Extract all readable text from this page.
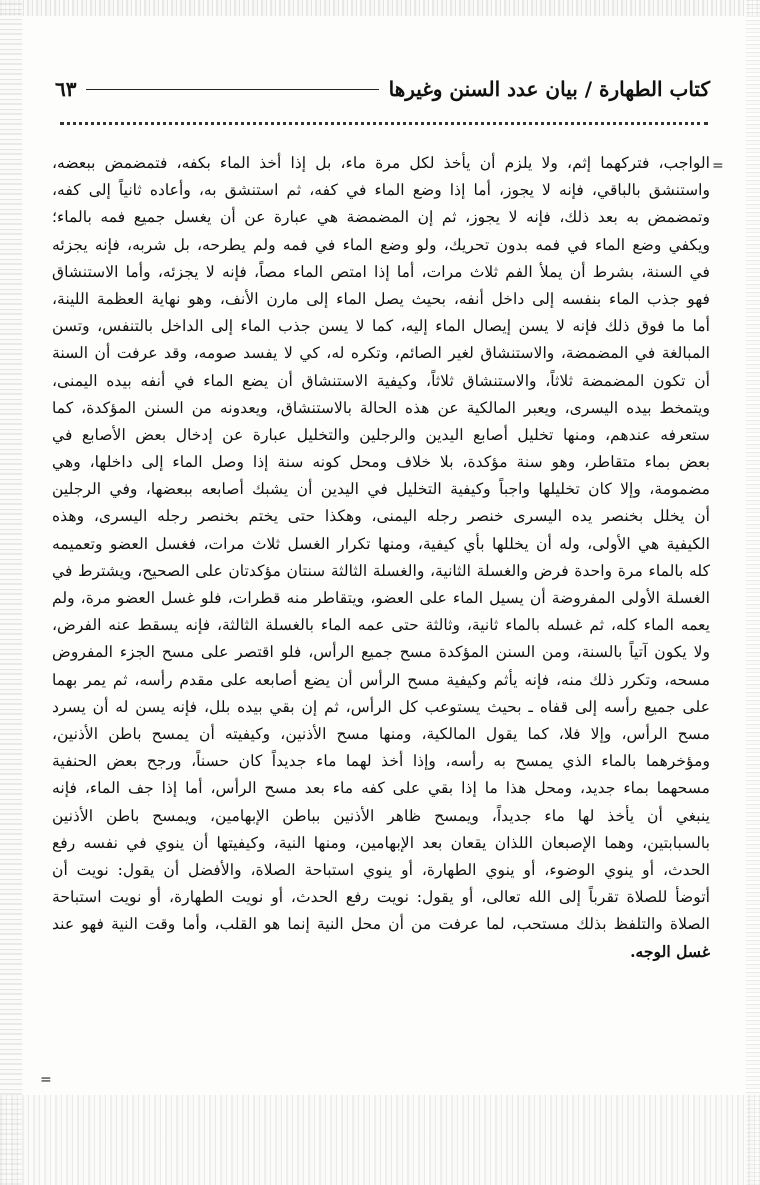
كتاب الطهارة / بيان عدد السنن وغيرها
٦٣
=
=
الواجب، فتركهما إثم، ولا يلزم أن يأخذ لكل مرة ماء، بل إذا أخذ الماء بكفه، فتمضمض ببعضه،
واستنشق بالباقي، فإنه لا يجوز، أما إذا وضع الماء في كفه، ثم استنشق به، وأعاده ثانياً إلى كفه،
وتمضمض به بعد ذلك، فإنه لا يجوز، ثم إن المضمضة هي عبارة عن أن يغسل جميع فمه بالماء؛
ويكفي وضع الماء في فمه بدون تحريك، ولو وضع الماء في فمه ولم يطرحه، بل شربه، فإنه يجزئه
في السنة، بشرط أن يملأ الفم ثلاث مرات، أما إذا امتص الماء مصاً، فإنه لا يجزئه، وأما الاستنشاق
فهو جذب الماء بنفسه إلى داخل أنفه، بحيث يصل الماء إلى مارن الأنف، وهو نهاية العظمة اللينة،
أما ما فوق ذلك فإنه لا يسن إيصال الماء إليه، كما لا يسن جذب الماء إلى الداخل بالتنفس، وتسن
المبالغة في المضمضة، والاستنشاق لغير الصائم، وتكره له، كي لا يفسد صومه، وقد عرفت أن السنة
أن تكون المضمضة ثلاثاً، والاستنشاق ثلاثاً، وكيفية الاستنشاق أن يضع الماء في أنفه بيده اليمنى،
ويتمخط بيده اليسرى، ويعبر المالكية عن هذه الحالة بالاستنشاق، ويعدونه من السنن المؤكدة، كما
ستعرفه عندهم، ومنها تخليل أصابع اليدين والرجلين والتخليل عبارة عن إدخال بعض الأصابع في
بعض بماء متقاطر، وهو سنة مؤكدة، بلا خلاف ومحل كونه سنة إذا وصل الماء إلى داخلها، وهي
مضمومة، وإلا كان تخليلها واجباً وكيفية التخليل في اليدين أن يشبك أصابعه ببعضها، وفي الرجلين
أن يخلل بخنصر يده اليسرى خنصر رجله اليمنى، وهكذا حتى يختم بخنصر رجله اليسرى، وهذه
الكيفية هي الأولى، وله أن يخللها بأي كيفية، ومنها تكرار الغسل ثلاث مرات، فغسل العضو وتعميمه
كله بالماء مرة واحدة فرض والغسلة الثانية، والغسلة الثالثة سنتان مؤكدتان على الصحيح، ويشترط في
الغسلة الأولى المفروضة أن يسيل الماء على العضو، ويتقاطر منه قطرات، فلو غسل العضو مرة، ولم
يعمه الماء كله، ثم غسله بالماء ثانية، وثالثة حتى عمه الماء بالغسلة الثالثة، فإنه يسقط عنه الفرض،
ولا يكون آتياً بالسنة، ومن السنن المؤكدة مسح جميع الرأس، فلو اقتصر على مسح الجزء المفروض
مسحه، وتكرر ذلك منه، فإنه يأثم وكيفية مسح الرأس أن يضع أصابعه على مقدم رأسه، ثم يمر بهما
على جميع رأسه إلى قفاه ـ بحيث يستوعب كل الرأس، ثم إن بقي بيده بلل، فإنه يسن له أن يسرد
مسح الرأس، وإلا فلا، كما يقول المالكية، ومنها مسح الأذنين، وكيفيته أن يمسح باطن الأذنين،
ومؤخرهما بالماء الذي يمسح به رأسه، وإذا أخذ لهما ماء جديداً كان حسناً، ورجح بعض الحنفية
مسحهما بماء جديد، ومحل هذا ما إذا بقي على كفه ماء بعد مسح الرأس، أما إذا جف الماء، فإنه
ينبغي أن يأخذ لها ماء جديداً، ويمسح ظاهر الأذنين بباطن الإبهامين، ويمسح باطن الأذنين
بالسبابتين، وهما الإصبعان اللذان يقعان بعد الإبهامين، ومنها النية، وكيفيتها أن ينوي في نفسه رفع
الحدث، أو ينوي الوضوء، أو ينوي الطهارة، أو ينوي استباحة الصلاة، والأفضل أن يقول: نويت أن
أتوضأ للصلاة تقرباً إلى الله تعالى، أو يقول: نويت رفع الحدث، أو نويت الطهارة، أو نويت استباحة
الصلاة والتلفظ بذلك مستحب، لما عرفت من أن محل النية إنما هو القلب، وأما وقت النية فهو عند
غسل الوجه.
